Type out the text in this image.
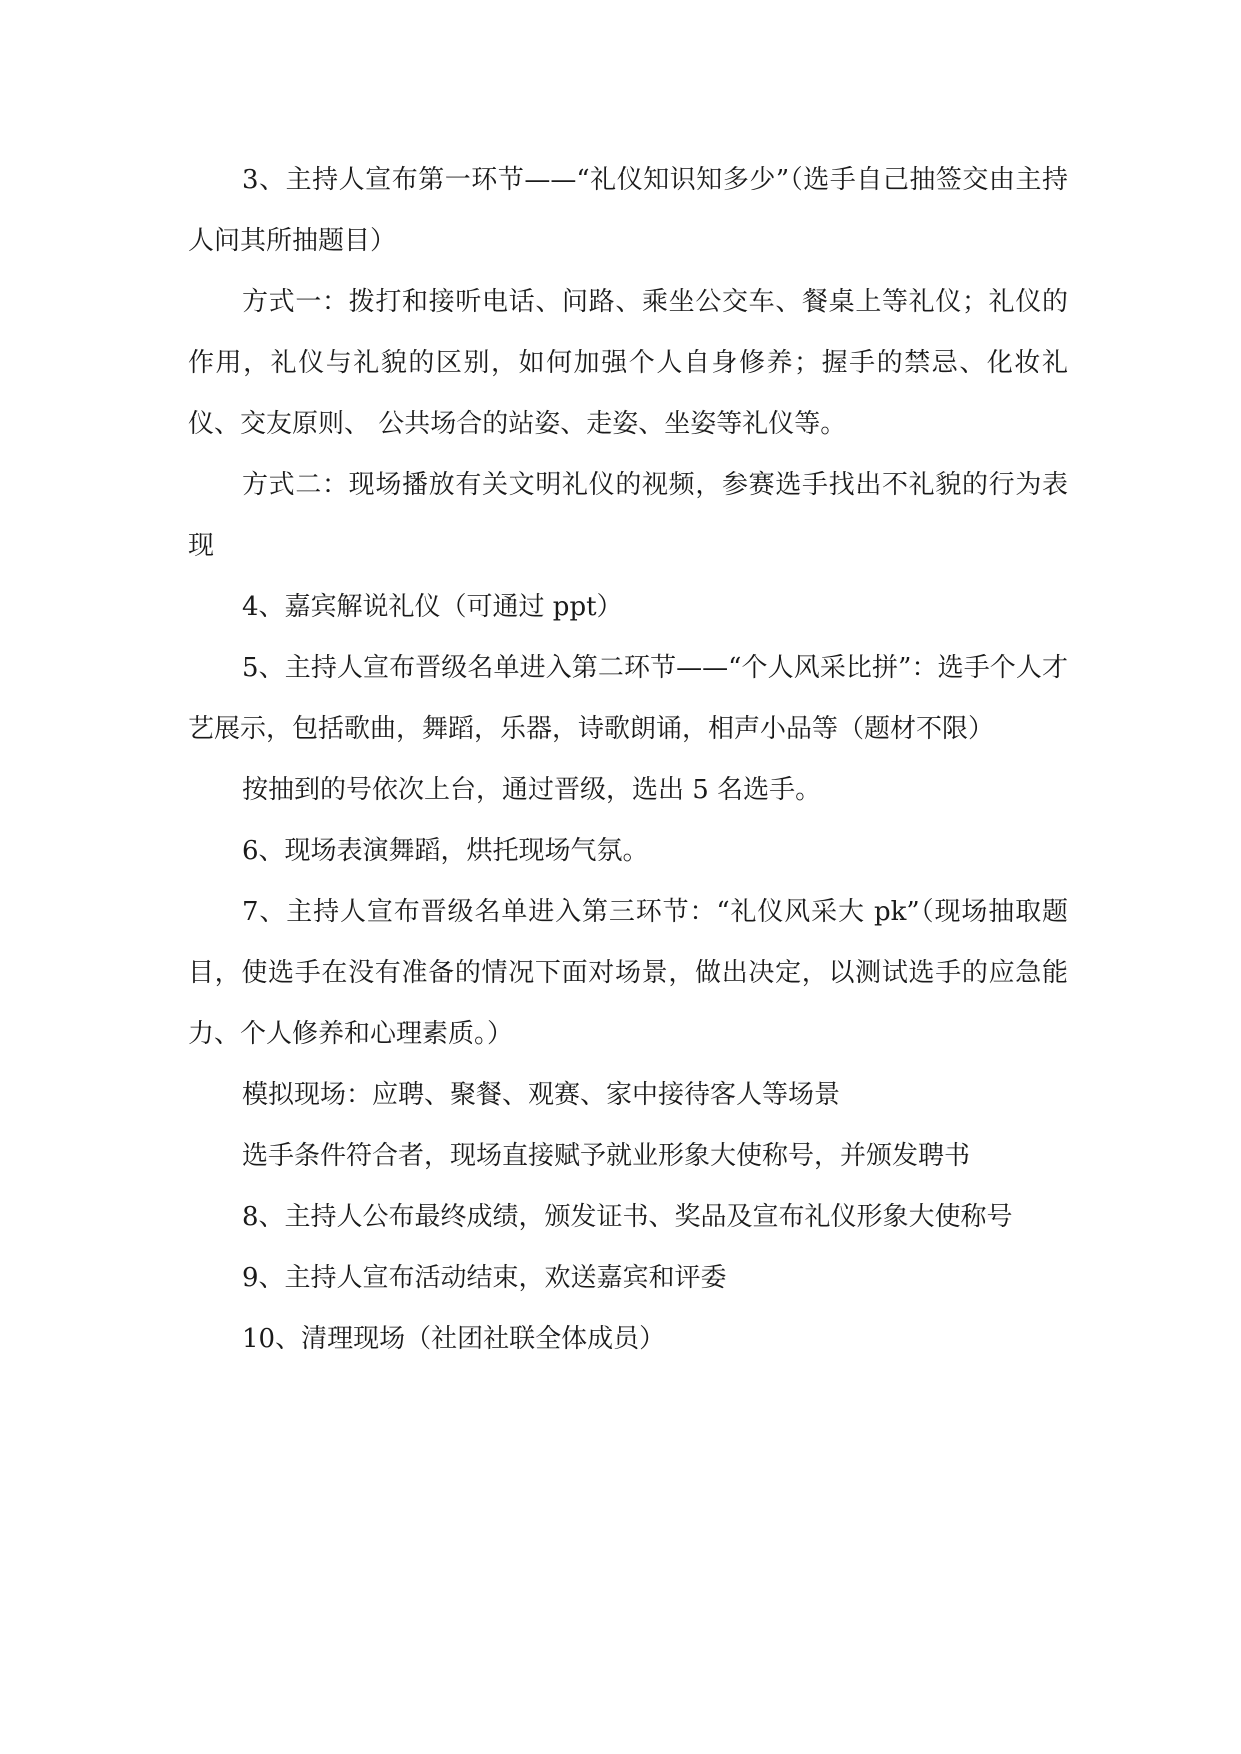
3、主持人宣布第一环节——“礼仪知识知多少”（选手自己抽签交由主持人问其所抽题目）

方式一：拨打和接听电话、问路、乘坐公交车、餐桌上等礼仪；礼仪的作用，礼仪与礼貌的区别，如何加强个人自身修养；握手的禁忌、化妆礼仪、交友原则、 公共场合的站姿、走姿、坐姿等礼仪等。

方式二：现场播放有关文明礼仪的视频，参赛选手找出不礼貌的行为表现

4、嘉宾解说礼仪（可通过 ppt）

5、主持人宣布晋级名单进入第二环节——“个人风采比拼”：选手个人才艺展示，包括歌曲，舞蹈，乐器，诗歌朗诵，相声小品等（题材不限）

按抽到的号依次上台，通过晋级，选出 5 名选手。

6、现场表演舞蹈，烘托现场气氛。

7、主持人宣布晋级名单进入第三环节：“礼仪风采大 pk”（现场抽取题目，使选手在没有准备的情况下面对场景，做出决定，以测试选手的应急能力、个人修养和心理素质。）

模拟现场：应聘、聚餐、观赛、家中接待客人等场景

选手条件符合者，现场直接赋予就业形象大使称号，并颁发聘书

8、主持人公布最终成绩，颁发证书、奖品及宣布礼仪形象大使称号

9、主持人宣布活动结束，欢送嘉宾和评委

10、清理现场（社团社联全体成员）
